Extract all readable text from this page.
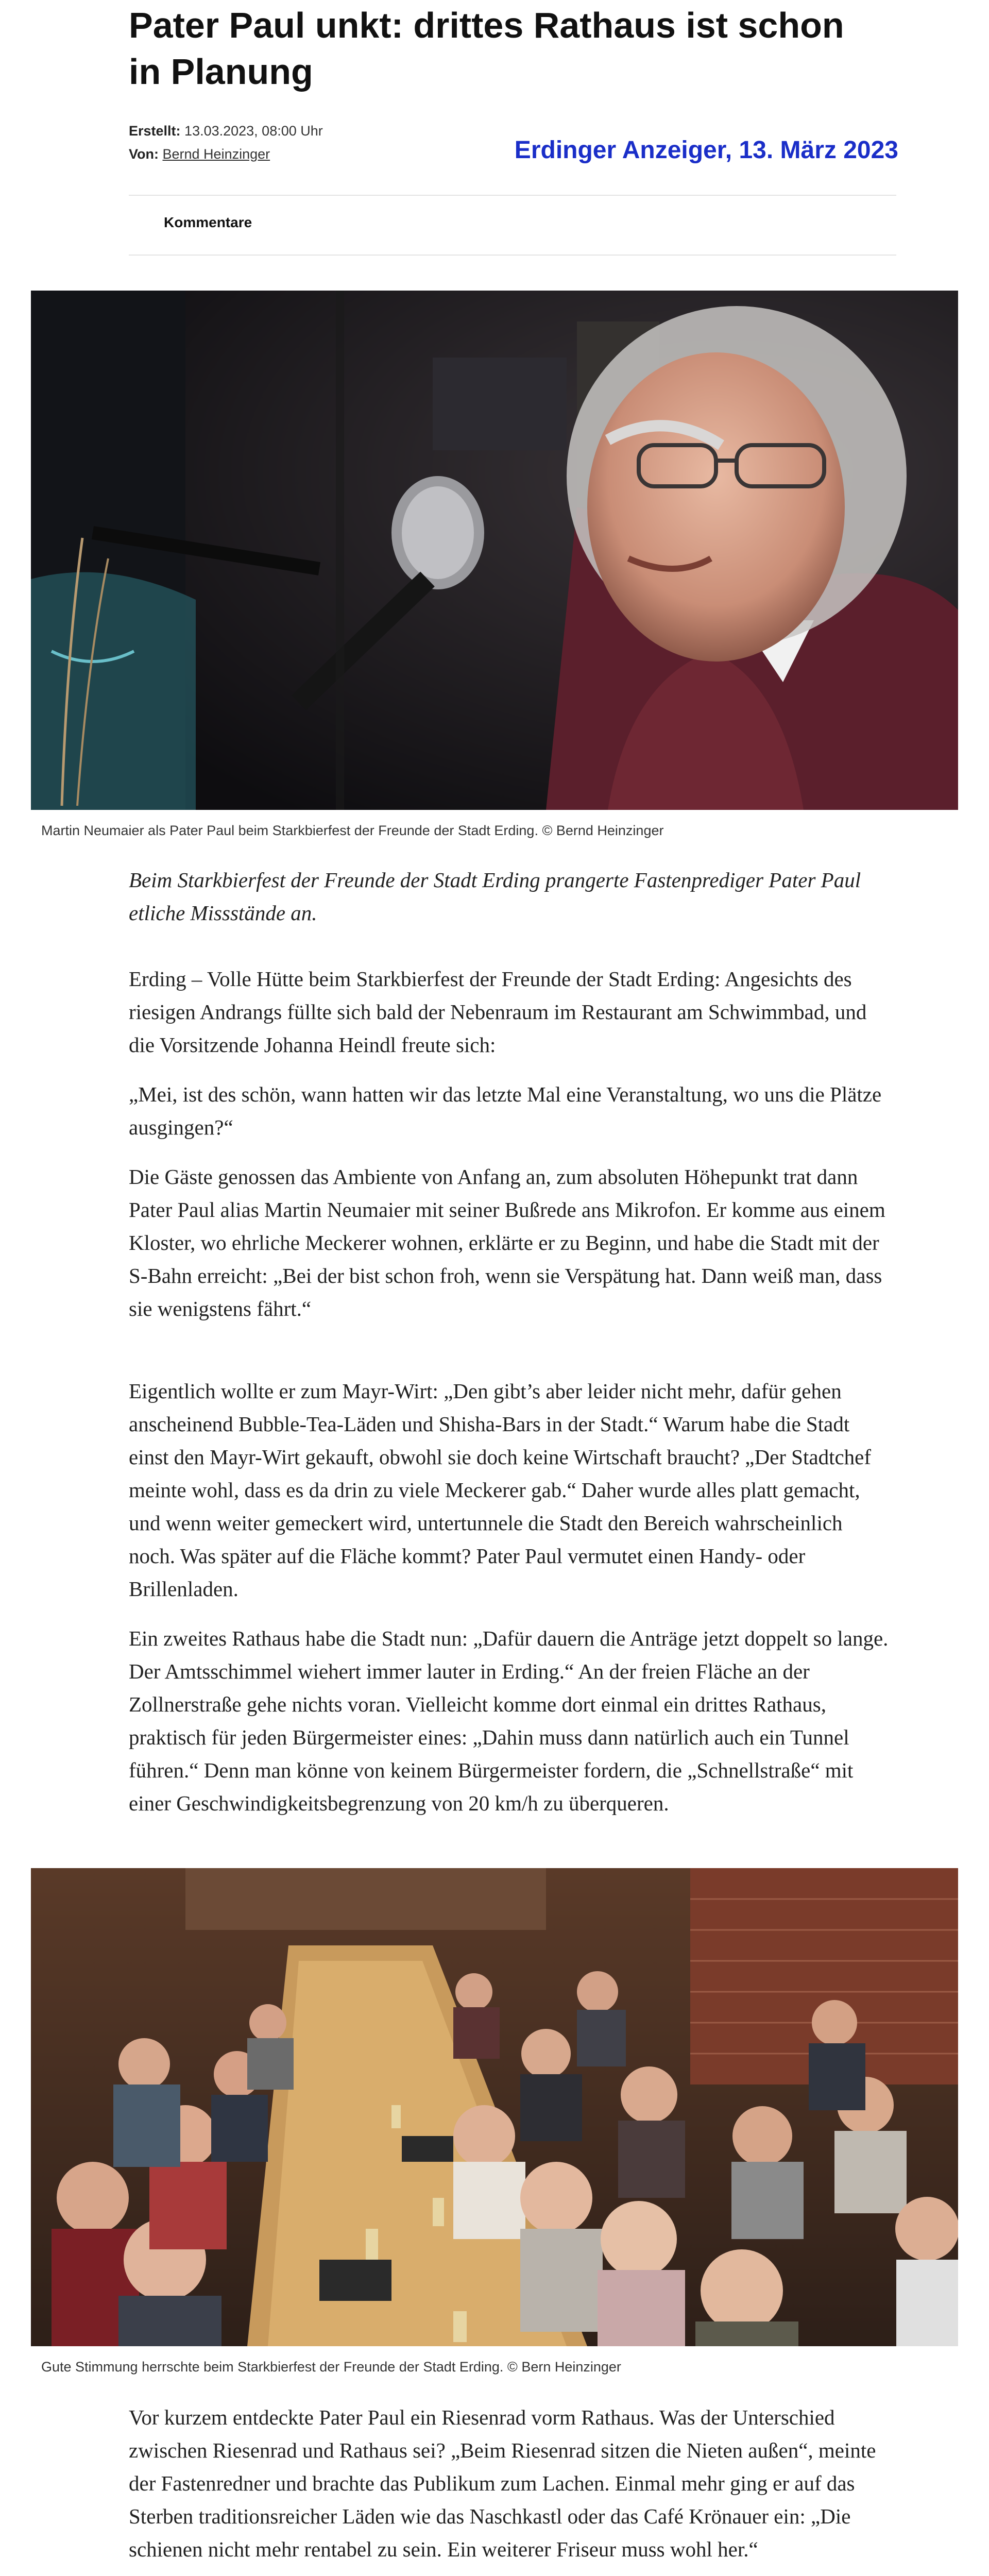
Pater Paul unkt: drittes Rathaus ist schon in Planung
Erstellt: 13.03.2023, 08:00 Uhr
Von: Bernd Heinzinger	Erdinger Anzeiger, 13. März 2023
Kommentare
Martin Neumaier als Pater Paul beim Starkbierfest der Freunde der Stadt Erding. © Bernd Heinzinger

Beim Starkbierfest der Freunde der Stadt Erding prangerte Fastenprediger Pater Paul etliche Missstände an.

Erding – Volle Hütte beim Starkbierfest der Freunde der Stadt Erding: Angesichts des riesigen Andrangs füllte sich bald der Nebenraum im Restaurant am Schwimmbad, und die Vorsitzende Johanna Heindl freute sich:

„Mei, ist des schön, wann hatten wir das letzte Mal eine Veranstaltung, wo uns die Plätze ausgingen?“

Die Gäste genossen das Ambiente von Anfang an, zum absoluten Höhepunkt trat dann Pater Paul alias Martin Neumaier mit seiner Bußrede ans Mikrofon. Er komme aus einem Kloster, wo ehrliche Meckerer wohnen, erklärte er zu Beginn, und habe die Stadt mit der S-Bahn erreicht: „Bei der bist schon froh, wenn sie Verspätung hat. Dann weiß man, dass sie wenigstens fährt.“

Eigentlich wollte er zum Mayr-Wirt: „Den gibt’s aber leider nicht mehr, dafür gehen anscheinend Bubble-Tea-Läden und Shisha-Bars in der Stadt.“ Warum habe die Stadt einst den Mayr-Wirt gekauft, obwohl sie doch keine Wirtschaft braucht? „Der Stadtchef meinte wohl, dass es da drin zu viele Meckerer gab.“ Daher wurde alles platt gemacht, und wenn weiter gemeckert wird, untertunnele die Stadt den Bereich wahrscheinlich noch. Was später auf die Fläche kommt? Pater Paul vermutet einen Handy- oder Brillenladen.

Ein zweites Rathaus habe die Stadt nun: „Dafür dauern die Anträge jetzt doppelt so lange. Der Amtsschimmel wiehert immer lauter in Erding.“ An der freien Fläche an der Zollnerstraße gehe nichts voran. Vielleicht komme dort einmal ein drittes Rathaus, praktisch für jeden Bürgermeister eines: „Dahin muss dann natürlich auch ein Tunnel führen.“ Denn man könne von keinem Bürgermeister fordern, die „Schnellstraße“ mit einer Geschwindigkeitsbegrenzung von 20 km/h zu überqueren.

Gute Stimmung herrschte beim Starkbierfest der Freunde der Stadt Erding. © Bern Heinzinger

Vor kurzem entdeckte Pater Paul ein Riesenrad vorm Rathaus. Was der Unterschied zwischen Riesenrad und Rathaus sei? „Beim Riesenrad sitzen die Nieten außen“, meinte der Fastenredner und brachte das Publikum zum Lachen. Einmal mehr ging er auf das Sterben traditionsreicher Läden wie das Naschkastl oder das Café Krönauer ein: „Die schienen nicht mehr rentabel zu sein. Ein weiterer Friseur muss wohl her.“
